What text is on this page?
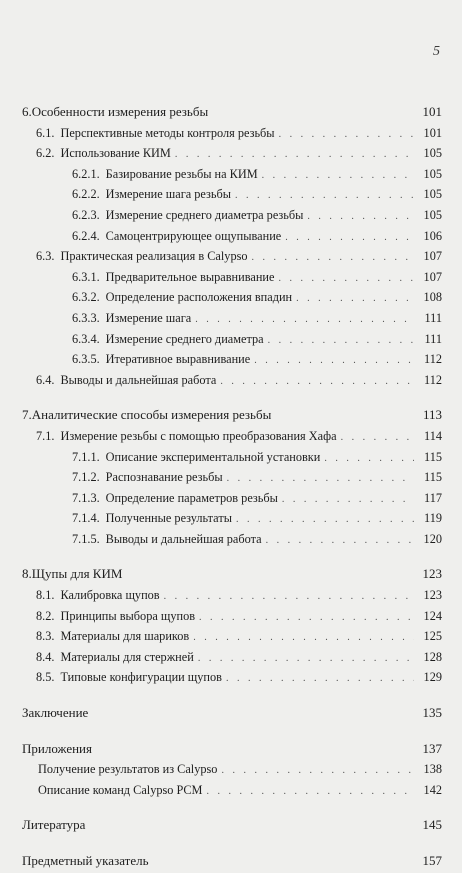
5
6. Особенности измерения резьбы	101
6.1. Перспективные методы контроля резьбы . . .	101
6.2. Использование КИМ . . .	105
6.2.1. Базирование резьбы на КИМ . . .	105
6.2.2. Измерение шага резьбы . . .	105
6.2.3. Измерение среднего диаметра резьбы . . .	105
6.2.4. Самоцентрирующее ощупывание . . .	106
6.3. Практическая реализация в Calypso . . .	107
6.3.1. Предварительное выравнивание . . .	107
6.3.2. Определение расположения впадин . . .	108
6.3.3. Измерение шага . . .	111
6.3.4. Измерение среднего диаметра . . .	111
6.3.5. Итеративное выравнивание . . .	112
6.4. Выводы и дальнейшая работа . . .	112
7. Аналитические способы измерения резьбы	113
7.1. Измерение резьбы с помощью преобразования Хафа . . .	114
7.1.1. Описание экспериментальной установки . . .	115
7.1.2. Распознавание резьбы . . .	115
7.1.3. Определение параметров резьбы . . .	117
7.1.4. Полученные результаты . . .	119
7.1.5. Выводы и дальнейшая работа . . .	120
8. Щупы для КИМ	123
8.1. Калибровка щупов . . .	123
8.2. Принципы выбора щупов . . .	124
8.3. Материалы для шариков . . .	125
8.4. Материалы для стержней . . .	128
8.5. Типовые конфигурации щупов . . .	129
Заключение	135
Приложения	137
Получение результатов из Calypso . . .	138
Описание команд Calypso PCM . . .	142
Литература	145
Предметный указатель	157
